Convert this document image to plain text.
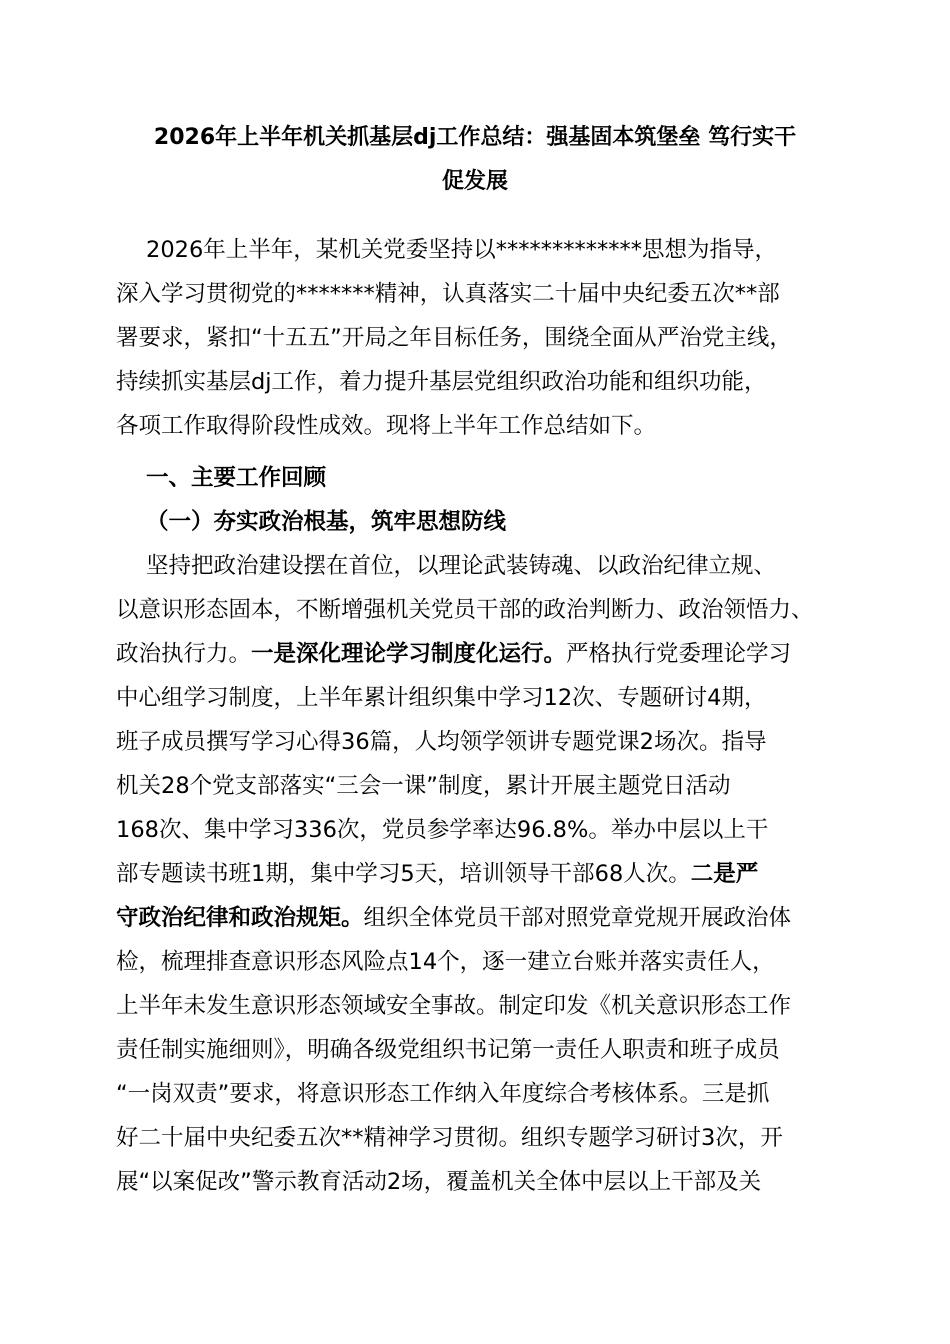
2026年上半年机关抓基层dj工作总结：强基固本筑堡垒 笃行实干
促发展
2026年上半年，某机关党委坚持以*************思想为指导，
深入学习贯彻党的*******精神，认真落实二十届中央纪委五次**部
署要求，紧扣“十五五”开局之年目标任务，围绕全面从严治党主线，
持续抓实基层dj工作，着力提升基层党组织政治功能和组织功能，
各项工作取得阶段性成效。现将上半年工作总结如下。
一、主要工作回顾
（一）夯实政治根基，筑牢思想防线
坚持把政治建设摆在首位，以理论武装铸魂、以政治纪律立规、
以意识形态固本，不断增强机关党员干部的政治判断力、政治领悟力、
政治执行力。一是深化理论学习制度化运行。严格执行党委理论学习
中心组学习制度，上半年累计组织集中学习12次、专题研讨4期，
班子成员撰写学习心得36篇，人均领学领讲专题党课2场次。指导
机关28个党支部落实“三会一课”制度，累计开展主题党日活动
168次、集中学习336次，党员参学率达96.8%。举办中层以上干
部专题读书班1期，集中学习5天，培训领导干部68人次。二是严
守政治纪律和政治规矩。组织全体党员干部对照党章党规开展政治体
检，梳理排查意识形态风险点14个，逐一建立台账并落实责任人，
上半年未发生意识形态领域安全事故。制定印发《机关意识形态工作
责任制实施细则》，明确各级党组织书记第一责任人职责和班子成员
“一岗双责”要求，将意识形态工作纳入年度综合考核体系。三是抓
好二十届中央纪委五次**精神学习贯彻。组织专题学习研讨3次，开
展“以案促改”警示教育活动2场，覆盖机关全体中层以上干部及关
